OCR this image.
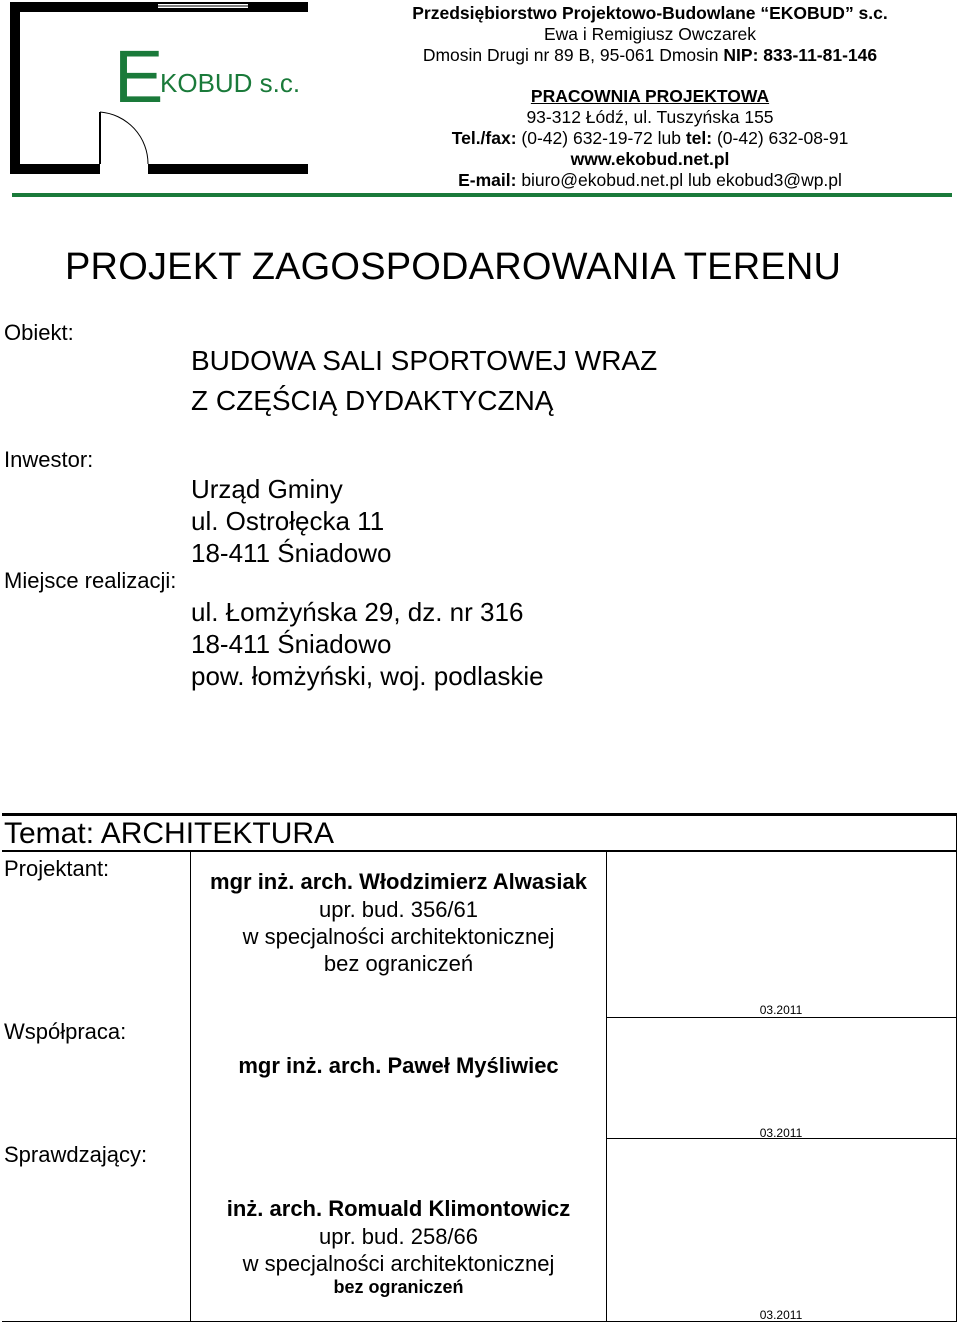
E
KOBUD s.c.
Przedsiębiorstwo Projektowo-Budowlane “EKOBUD” s.c.
Ewa i Remigiusz Owczarek
Dmosin Drugi nr 89 B, 95-061 Dmosin NIP: 833-11-81-146
PRACOWNIA PROJEKTOWA
93-312 Łódź, ul. Tuszyńska 155
Tel./fax: (0-42) 632-19-72 lub tel: (0-42) 632-08-91
www.ekobud.net.pl
E-mail: biuro@ekobud.net.pl lub ekobud3@wp.pl
PROJEKT ZAGOSPODAROWANIA TERENU
Obiekt:
BUDOWA SALI SPORTOWEJ WRAZ
Z CZĘŚCIĄ DYDAKTYCZNĄ
Inwestor:
Urząd Gminy
ul. Ostrołęcka 11
18-411 Śniadowo
Miejsce realizacji:
ul. Łomżyńska 29, dz. nr 316
18-411 Śniadowo
pow. łomżyński, woj. podlaskie
Temat: ARCHITEKTURA
Projektant:
mgr inż. arch. Włodzimierz Alwasiak
upr. bud. 356/61
w specjalności architektonicznej
bez ograniczeń
03.2011
Współpraca:
mgr inż. arch. Paweł Myśliwiec
03.2011
Sprawdzający:
inż. arch. Romuald Klimontowicz
upr. bud. 258/66
w specjalności architektonicznej
bez ograniczeń
03.2011
